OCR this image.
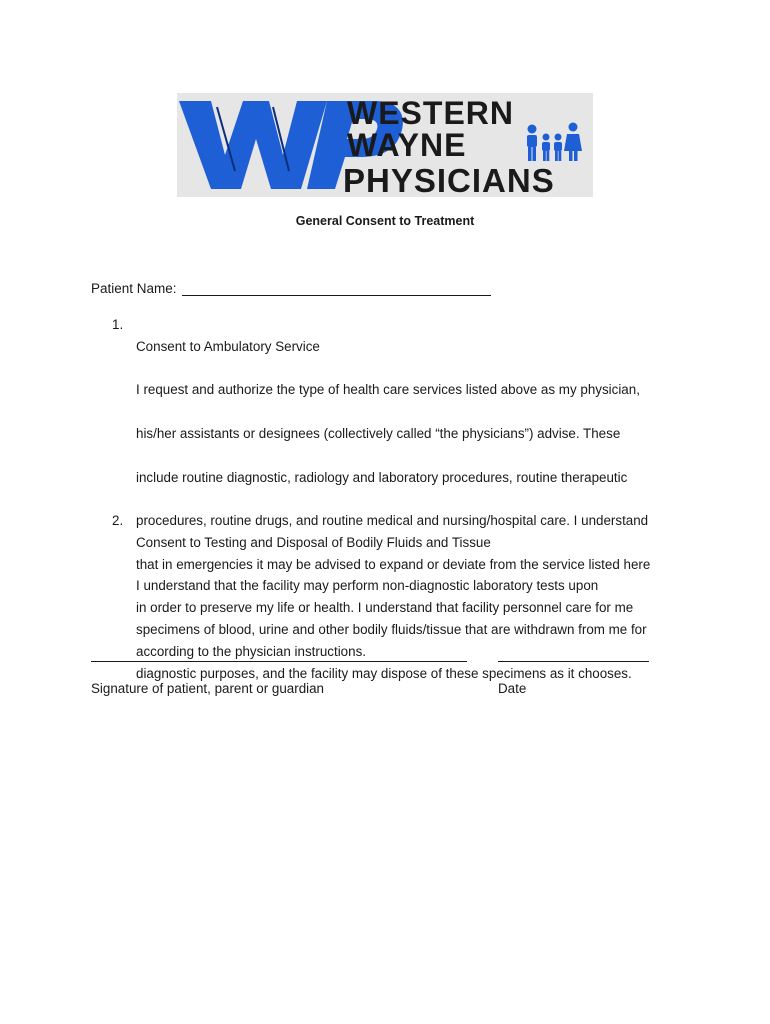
WESTERN
WAYNE
PHYSICIANS
General Consent to Treatment
Patient Name:
1.

Consent to Ambulatory Service

I request and authorize the type of health care services listed above as my physician,

his/her assistants or designees (collectively called “the physicians”) advise. These

include routine diagnostic, radiology and laboratory procedures, routine therapeutic

procedures, routine drugs, and routine medical and nursing/hospital care. I understand

that in emergencies it may be advised to expand or deviate from the service listed here

in order to preserve my life or health. I understand that facility personnel care for me

according to the physician instructions.

2.

Consent to Testing and Disposal of Bodily Fluids and Tissue

I understand that the facility may perform non-diagnostic laboratory tests upon

specimens of blood, urine and other bodily fluids/tissue that are withdrawn from me for

diagnostic purposes, and the facility may dispose of these specimens as it chooses.

Signature of patient, parent or guardian	Date
